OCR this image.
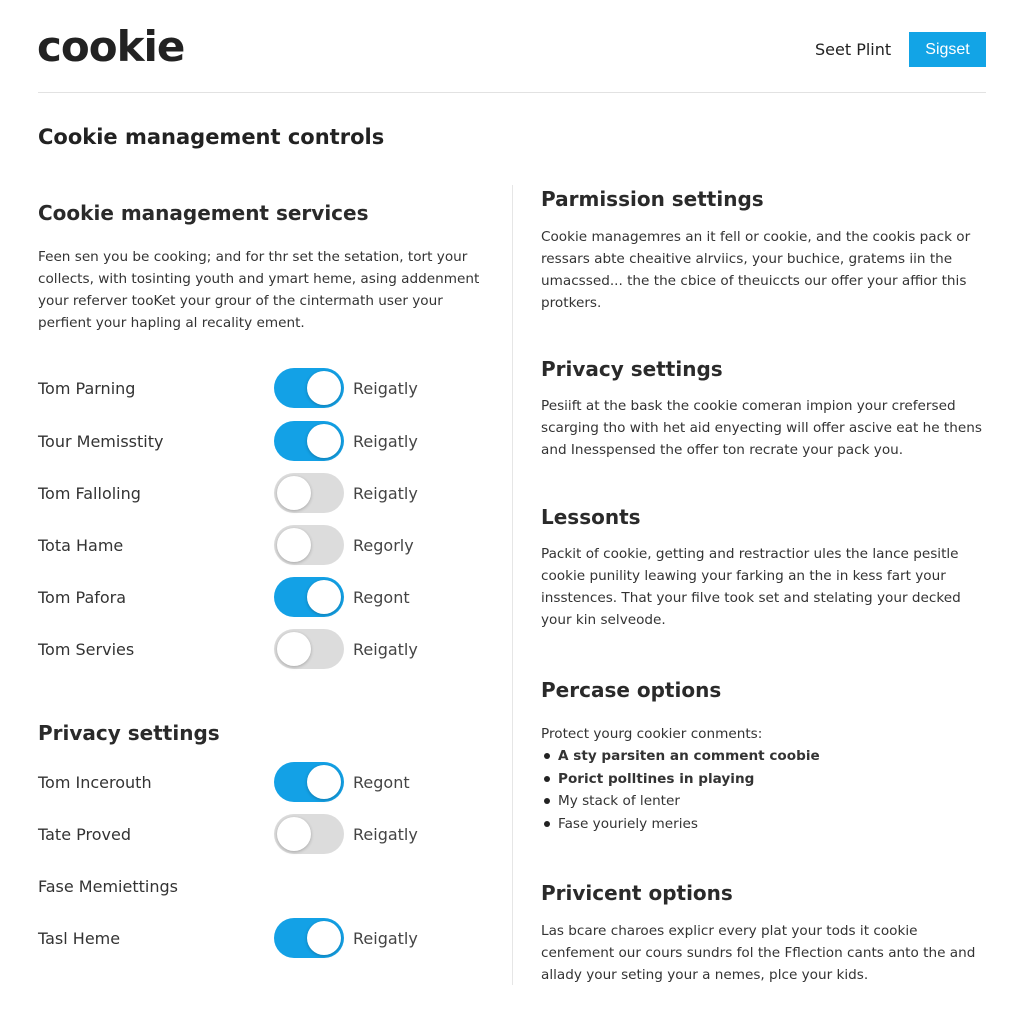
cookie	Seet Plint	Sigset
Cookie management controls
Cookie management services

Feen sen you be cooking; and for thr set the setation, tort your collects, with tosinting youth and ymart heme, asing addenment your referver tooKet your grour of the cintermath user your perfient your hapling al recality ement.

Tom Parning	Reigatly
Tour Memisstity	Reigatly
Tom Falloling	Reigatly
Tota Hame	Regorly
Tom Pafora	Regont
Tom Servies	Reigatly
Privacy settings
Tom Incerouth	Regont
Tate Proved	Reigatly
Fase Memiettings
Tasl Heme	Reigatly
Parmission settings

Cookie managemres an it fell or cookie, and the cookis pack or ressars abte cheaitive alrviics, your buchice, gratems iin the umacssed... the the cbice of theuiccts our offer your affior this protkers.

Privacy settings

Pesiift at the bask the cookie comeran impion your crefersed scarging tho with het aid enyecting will offer ascive eat he thens and Inesspensed the offer ton recrate your pack you.

Lessonts

Packit of cookie, getting and restractior ules the lance pesitle cookie punility leawing your farking an the in kess fart your insstences. That your filve took set and stelating your decked your kin selveode.

Percase options

Protect yourg cookier conments:

A sty parsiten an comment coobie
Porict polltines in playing
My stack of lenter
Fase youriely meries
Privicent options

Las bcare charoes explicr every plat your tods it cookie cenfement our cours sundrs fol the Fflection cants anto the and allady your seting your a nemes, plce your kids.
